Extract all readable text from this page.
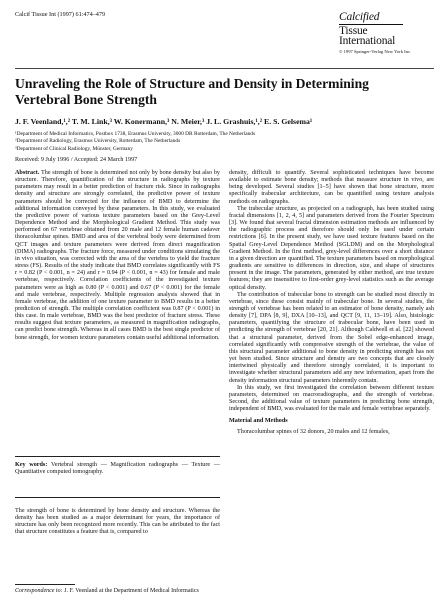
Calcif Tissue Int (1997) 61:474–479	Calcified
Tissue
International
© 1997 Springer-Verlag New York Inc.
Unraveling the Role of Structure and Density in Determining Vertebral Bone Strength
J. F. Veenland,¹,² T. M. Link,³ W. Konermann,³ N. Meier,³ J. L. Grashuis,¹,² E. S. Gelsema¹
¹Department of Medical Informatics, Postbox 1738, Erasmus University, 3000 DR Rotterdam, The Netherlands
²Department of Radiology, Erasmus University, Rotterdam, The Netherlands
³Department of Clinical Radiology, Münster, Germany
Received: 9 July 1996 / Accepted: 24 March 1997

Abstract. The strength of bone is determined not only by bone density but also by structure. Therefore, quantification of the structure in radiographs by texture parameters may result in a better prediction of fracture risk. Since in radiographs density and structure are strongly correlated, the predictive power of texture parameters should be corrected for the influence of BMD to determine the additional information conveyed by these parameters. In this study, we evaluated the predictive power of various texture parameters based on the Grey-Level Dependence Method and the Morphological Gradient Method. This study was performed on 67 vertebrae obtained from 20 male and 12 female human cadaver thoracolumbar spines. BMD and area of the vertebral body were determined from QCT images and texture parameters were derived from direct magnification (DIMA) radiographs. The fracture force, measured under conditions simulating the in vivo situation, was corrected with the area of the vertebra to yield the fracture stress (FS). Results of the study indicate that BMD correlates significantly with FS r = 0.82 (P < 0.001, n = 24) and r = 0.94 (P < 0.001, n = 43) for female and male vertebrae, respectively. Correlation coefficients of the investigated texture parameters were as high as 0.80 (P < 0.001) and 0.67 (P < 0.001) for the female and male vertebrae, respectively. Multiple regression analysis showed that in female vertebrae, the addition of one texture parameter to BMD results in a better prediction of strength. The multiple correlation coefficient was 0.87 (P < 0.001) in this case. In male vertebrae, BMD was the best predictor of fracture stress. These results suggest that texture parameters, as measured in magnification radiographs, can predict bone strength. Whereas in all cases BMD is the best single predictor of bone strength, for women texture parameters contain useful additional information.

Key words: Vertebral strength — Magnification radiographs — Texture — Quantitative computed tomography.

The strength of bone is determined by bone density and structure. Whereas the density has been studied as a major determinant for years, the importance of structure has only been recognized more recently. This can be attributed to the fact that structure constitutes a feature that is, compared to

Correspondence to: J. F. Veenland at the Department of Medical Informatics

density, difficult to quantify. Several sophisticated techniques have become available to estimate bone density; methods that measure structure in vivo, are being developed. Several studies [1–5] have shown that bone structure, more specifically trabecular architecture, can be quantified using texture analysis methods on radiographs.

The trabecular structure, as projected on a radiograph, has been studied using fractal dimensions [1, 2, 4, 5] and parameters derived from the Fourier Spectrum [3]. We found that several fractal dimension estimation methods are influenced by the radiographic process and therefore should only be used under certain restrictions [6]. In the present study, we have used texture features based on the Spatial Grey-Level Dependence Method (SGLDM) and on the Morphological Gradient Method. In the first method, grey-level differences over a short distance in a given direction are quantified. The texture parameters based on morphological gradients are sensitive to differences in direction, size, and shape of structures present in the image. The parameters, generated by either method, are true texture features; they are insensitive to first-order grey-level statistics such as the average optical density.

The contribution of trabecular bone to strength can be studied most directly in vertebrae, since these consist mainly of trabecular bone. In several studies, the strength of vertebrae has been related to an estimator of bone density, namely ash density [7], DPA [8, 9], DXA [10–13], and QCT [9, 11, 13–19]. Also, histologic parameters, quantifying the structure of trabecular bone, have been used in predicting the strength of vertebrae [20, 21]. Although Caldwell et al. [22] showed that a structural parameter, derived from the Sobel edge-enhanced image, correlated significantly with compressive strength of the vertebrae, the value of this structural parameter additional to bone density in predicting strength has not yet been studied. Since structure and density are two concepts that are closely intertwined physically and therefore strongly correlated, it is important to investigate whether structural parameters add any new information, apart from the density information structural parameters inherently contain.

In this study, we first investigated the correlation between different texture parameters, determined on macroradiographs, and the strength of vertebrae. Second, the additional value of texture parameters in predicting bone strength, independent of BMD, was evaluated for the male and female vertebrae separately.

Material and Methods

Thoracolumbar spines of 32 donors, 20 males and 12 females,
